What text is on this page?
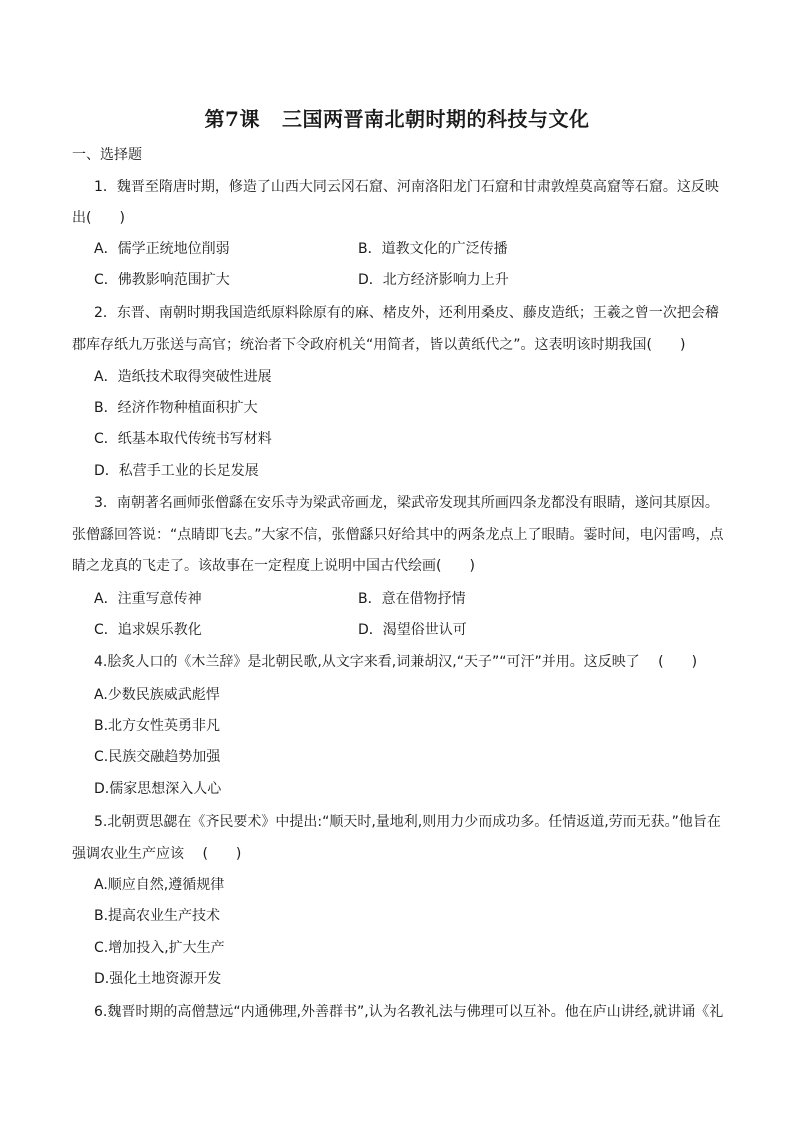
第7课 三国两晋南北朝时期的科技与文化
一、选择题
1．魏晋至隋唐时期，修造了山西大同云冈石窟、河南洛阳龙门石窟和甘肃敦煌莫高窟等石窟。这反映
出(　　)
A．儒学正统地位削弱	B．道教文化的广泛传播
C．佛教影响范围扩大	D．北方经济影响力上升
2．东晋、南朝时期我国造纸原料除原有的麻、楮皮外，还利用桑皮、藤皮造纸；王羲之曾一次把会稽
郡库存纸九万张送与高官；统治者下令政府机关“用简者，皆以黄纸代之”。这表明该时期我国(　　)
A．造纸技术取得突破性进展
B．经济作物种植面积扩大
C．纸基本取代传统书写材料
D．私营手工业的长足发展
3．南朝著名画师张僧繇在安乐寺为梁武帝画龙，梁武帝发现其所画四条龙都没有眼睛，遂问其原因。
张僧繇回答说：“点睛即飞去。”大家不信，张僧繇只好给其中的两条龙点上了眼睛。霎时间，电闪雷鸣，点
睛之龙真的飞走了。该故事在一定程度上说明中国古代绘画(　　)
A．注重写意传神	B．意在借物抒情
C．追求娱乐教化	D．渴望俗世认可
4.脍炙人口的《木兰辞》是北朝民歌,从文字来看,词兼胡汉,“天子”“可汗”并用。这反映了　 (　　)
A.少数民族威武彪悍
B.北方女性英勇非凡
C.民族交融趋势加强
D.儒家思想深入人心
5.北朝贾思勰在《齐民要术》中提出:“顺天时,量地利,则用力少而成功多。任情返道,劳而无获。”他旨在
强调农业生产应该　 (　　)
A.顺应自然,遵循规律
B.提高农业生产技术
C.增加投入,扩大生产
D.强化土地资源开发
6.魏晋时期的高僧慧远“内通佛理,外善群书”,认为名教礼法与佛理可以互补。他在庐山讲经,就讲诵《礼
